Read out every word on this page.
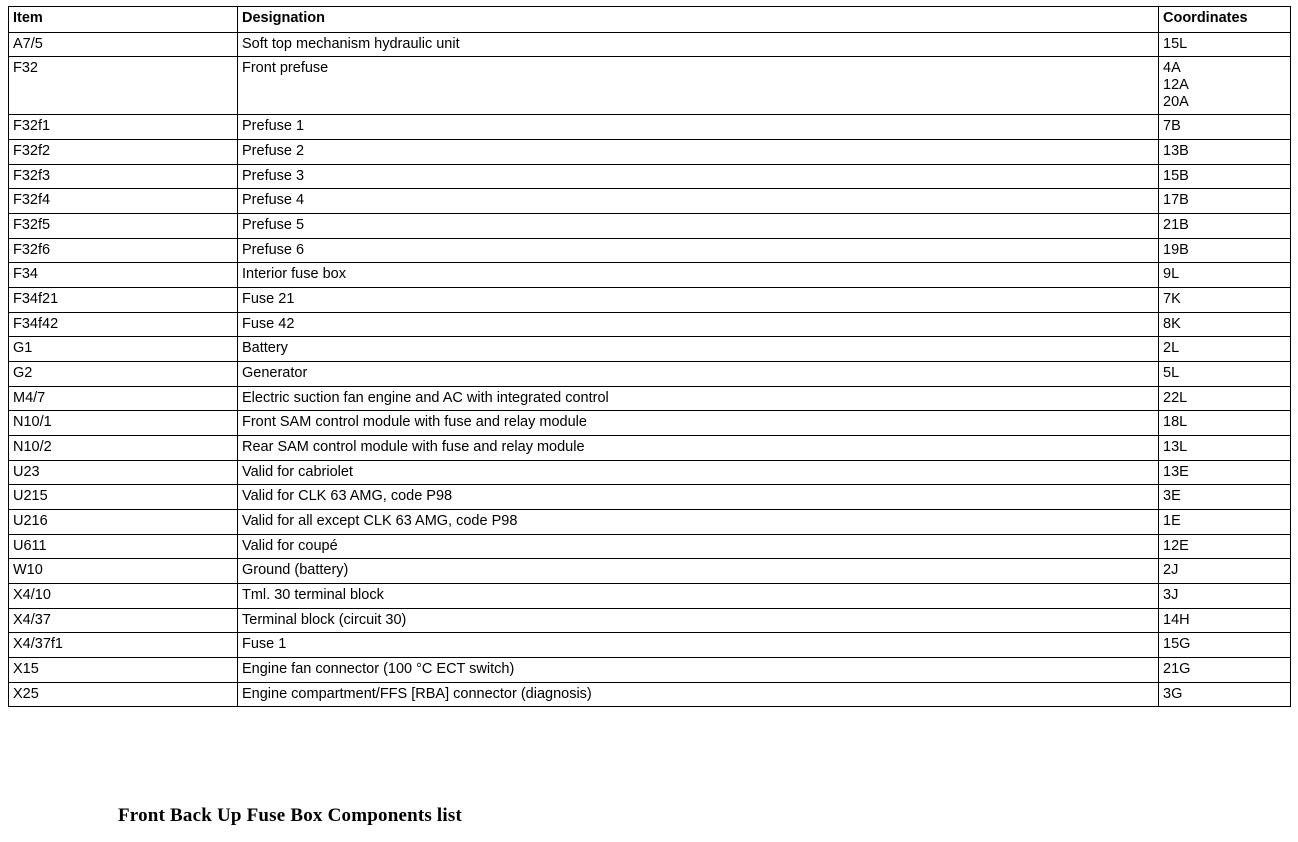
Item	Designation	Coordinates
A7/5	Soft top mechanism hydraulic unit	15L

F32	Front prefuse	4A
12A
20A

F32f1	Prefuse 1	7B

F32f2	Prefuse 2	13B

F32f3	Prefuse 3	15B

F32f4	Prefuse 4	17B

F32f5	Prefuse 5	21B

F32f6	Prefuse 6	19B

F34	Interior fuse box	9L

F34f21	Fuse 21	7K

F34f42	Fuse 42	8K

G1	Battery	2L

G2	Generator	5L

M4/7	Electric suction fan engine and AC with integrated control	22L

N10/1	Front SAM control module with fuse and relay module	18L

N10/2	Rear SAM control module with fuse and relay module	13L

U23	Valid for cabriolet	13E

U215	Valid for CLK 63 AMG, code P98	3E

U216	Valid for all except CLK 63 AMG, code P98	1E

U611	Valid for coupé	12E

W10	Ground (battery)	2J

X4/10	Tml. 30 terminal block	3J

X4/37	Terminal block (circuit 30)	14H

X4/37f1	Fuse 1	15G

X15	Engine fan connector (100 °C ECT switch)	21G

X25	Engine compartment/FFS [RBA] connector (diagnosis)	3G
Front Back Up Fuse Box Components list
